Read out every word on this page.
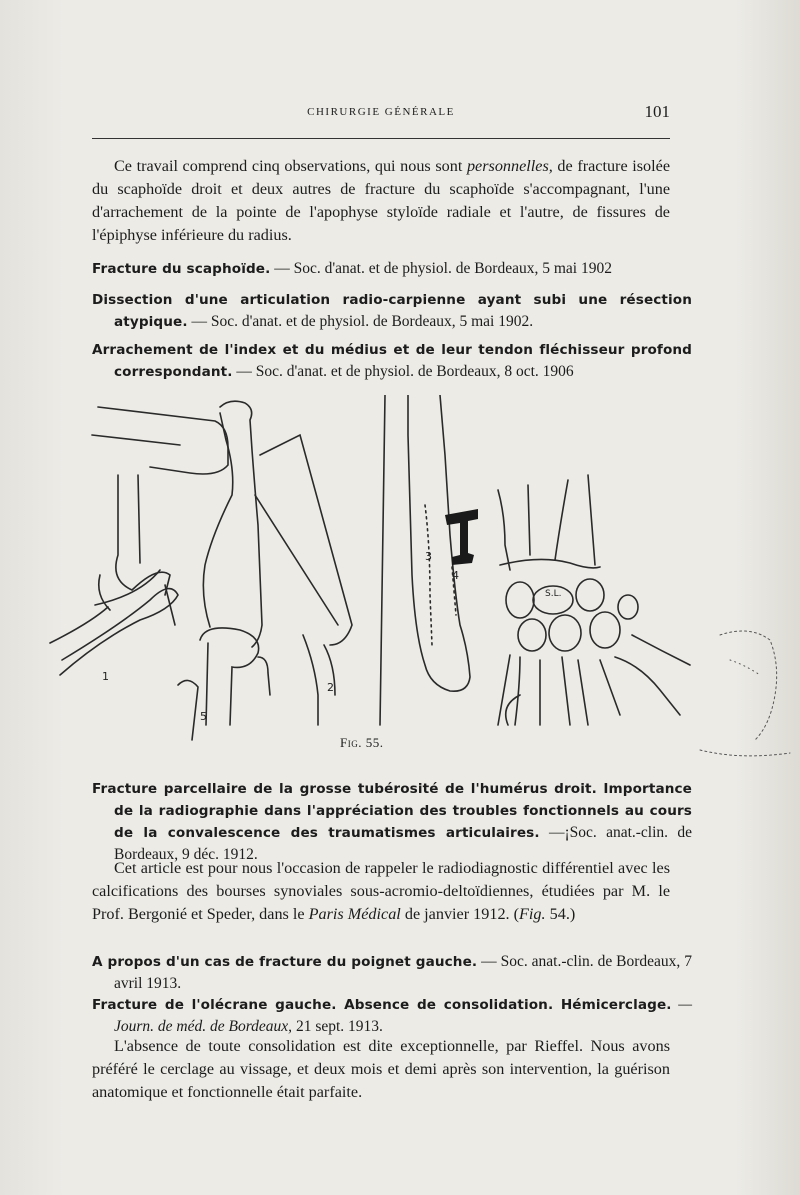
CHIRURGIE GÉNÉRALE	101

Ce travail comprend cinq observations, qui nous sont personnelles, de fracture isolée du scaphoïde droit et deux autres de fracture du scaphoïde s'accompagnant, l'une d'arrachement de la pointe de l'apophyse styloïde radiale et l'autre, de fissures de l'épiphyse inférieure du radius.

Fracture du scaphoïde. — Soc. d'anat. et de physiol. de Bordeaux, 5 mai 1902

Dissection d'une articulation radio-carpienne ayant subi une résection atypique. — Soc. d'anat. et de physiol. de Bordeaux, 5 mai 1902.

Arrachement de l'index et du médius et de leur tendon fléchisseur profond correspondant. — Soc. d'anat. et de physiol. de Bordeaux, 8 oct. 1906

1
2
5
3
4
S.L.
Fig. 55.

Fracture parcellaire de la grosse tubérosité de l'humérus droit. Importance de la radiographie dans l'appréciation des troubles fonctionnels au cours de la convalescence des traumatismes articulaires. —¡Soc. anat.-clin. de Bordeaux, 9 déc. 1912.

Cet article est pour nous l'occasion de rappeler le radiodiagnostic différentiel avec les calcifications des bourses synoviales sous-acromio-deltoïdiennes, étudiées par M. le Prof. Bergonié et Speder, dans le Paris Médical de janvier 1912. (Fig. 54.)

A propos d'un cas de fracture du poignet gauche. — Soc. anat.-clin. de Bordeaux, 7 avril 1913.

Fracture de l'olécrane gauche. Absence de consolidation. Hémicerclage. — Journ. de méd. de Bordeaux, 21 sept. 1913.

L'absence de toute consolidation est dite exceptionnelle, par Rieffel. Nous avons préféré le cerclage au vissage, et deux mois et demi après son intervention, la guérison anatomique et fonctionnelle était parfaite.
